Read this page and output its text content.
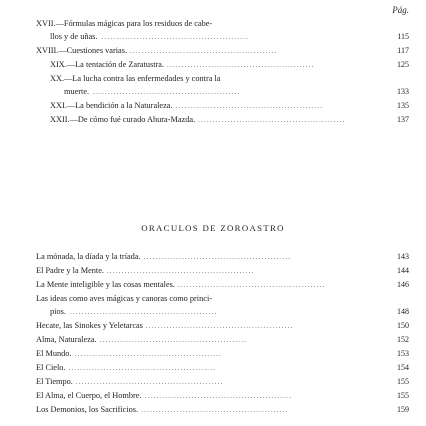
Pág.
XVII.—Fórmulas mágicas para los residuos de cabe-
llos y de uñas. ..................................................	115
XVIII.—Cuestiones varias. ..................................................	117
XIX.—La tentación de Zaratustra. ..................................................	125
XX.—La lucha contra las enfermedades y contra la
muerte. ..................................................	133
XXI.—La bendición a la Naturaleza. ..................................................	135
XXII.—De cómo fué curado Ahura-Mazda. ..................................................	137
ORACULOS DE ZOROASTRO
La mónada, la díada y la tríada. ..................................................	143
El Padre y la Mente. ..................................................	144
La Mente inteligible y las cosas mentales. ..................................................	146
Las ideas como aves mágicas y canoras como princi-
pios. ..................................................	148
Hecate, las Sinokes y Yeletarcas ..................................................	150
Alma, Naturaleza. ..................................................	152
El Mundo. ..................................................	153
El Cielo. ..................................................	154
El Tiempo. ..................................................	155
El Alma, el Cuerpo, el Hombre. ..................................................	155
Los Demonios, los Sacrificios. ..................................................	159
